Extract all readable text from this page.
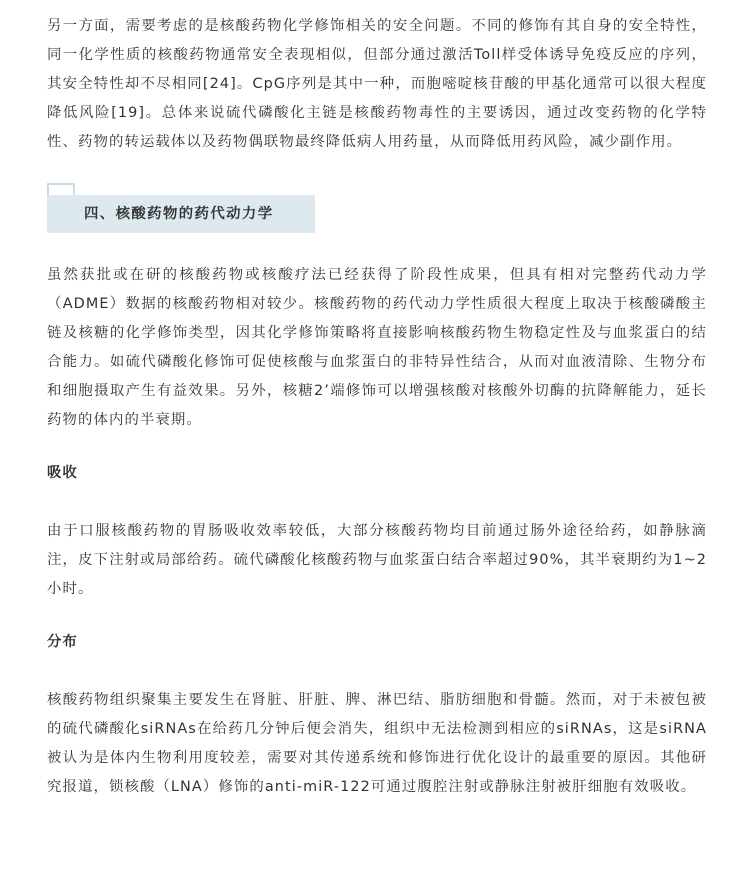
另一方面，需要考虑的是核酸药物化学修饰相关的安全问题。不同的修饰有其自身的安全特性，同一化学性质的核酸药物通常安全表现相似，但部分通过激活Toll样受体诱导免疫反应的序列，其安全特性却不尽相同[24]。CpG序列是其中一种，而胞嘧啶核苷酸的甲基化通常可以很大程度降低风险[19]。总体来说硫代磷酸化主链是核酸药物毒性的主要诱因，通过改变药物的化学特性、药物的转运载体以及药物偶联物最终降低病人用药量，从而降低用药风险，减少副作用。

四、核酸药物的药代动力学

虽然获批或在研的核酸药物或核酸疗法已经获得了阶段性成果，但具有相对完整药代动力学（ADME）数据的核酸药物相对较少。核酸药物的药代动力学性质很大程度上取决于核酸磷酸主链及核糖的化学修饰类型，因其化学修饰策略将直接影响核酸药物生物稳定性及与血浆蛋白的结合能力。如硫代磷酸化修饰可促使核酸与血浆蛋白的非特异性结合，从而对血液清除、生物分布和细胞摄取产生有益效果。另外，核糖2’端修饰可以增强核酸对核酸外切酶的抗降解能力，延长药物的体内的半衰期。

吸收

由于口服核酸药物的胃肠吸收效率较低，大部分核酸药物均目前通过肠外途径给药，如静脉滴注，皮下注射或局部给药。硫代磷酸化核酸药物与血浆蛋白结合率超过90%，其半衰期约为1~2小时。

分布

核酸药物组织聚集主要发生在肾脏、肝脏、脾、淋巴结、脂肪细胞和骨髓。然而，对于未被包被的硫代磷酸化siRNAs在给药几分钟后便会消失，组织中无法检测到相应的siRNAs，这是siRNA被认为是体内生物利用度较差，需要对其传递系统和修饰进行优化设计的最重要的原因。其他研究报道，锁核酸（LNA）修饰的anti-miR-122可通过腹腔注射或静脉注射被肝细胞有效吸收。
